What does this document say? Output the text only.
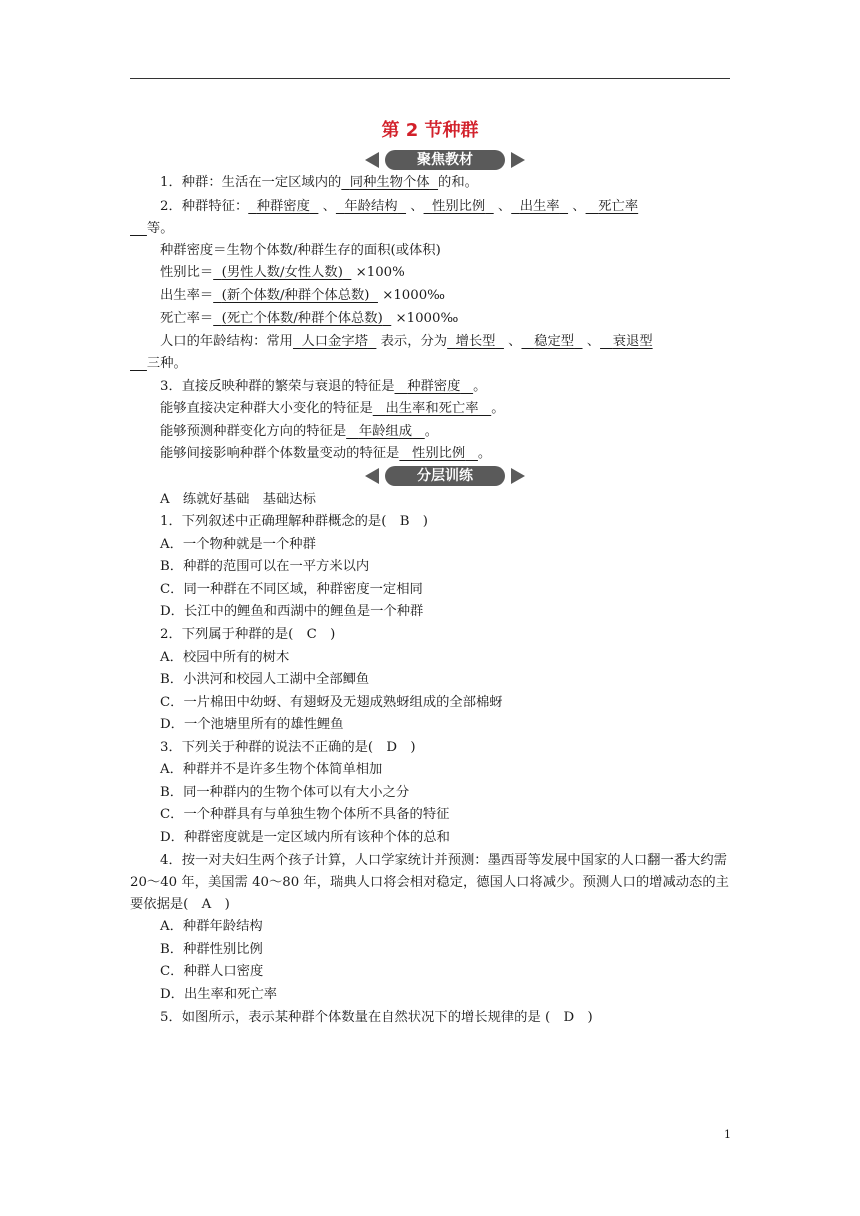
第 2 节种群
聚焦教材
1．种群：生活在一定区域内的 同种生物个体 的和。
2．种群特征： 种群密度   、 年龄结构   、 性别比例   、 出生率   、 死亡率
等。
种群密度＝生物个体数/种群生存的面积(或体积)
性别比＝ (男性人数/女性人数) ×100%
出生率＝ (新个体数/种群个体总数) ×1000‰
死亡率＝ (死亡个体数/种群个体总数) ×1000‰
人口的年龄结构：常用 人口金字塔 表示，分为 增长型   、 稳定型   、 衰退型
三种。
3．直接反映种群的繁荣与衰退的特征是 种群密度 。
能够直接决定种群大小变化的特征是 出生率和死亡率 。
能够预测种群变化方向的特征是 年龄组成 。
能够间接影响种群个体数量变动的特征是 性别比例 。
分层训练
A　练就好基础　基础达标
1．下列叙述中正确理解种群概念的是(　B　)
A．一个物种就是一个种群
B．种群的范围可以在一平方米以内
C．同一种群在不同区域，种群密度一定相同
D．长江中的鲤鱼和西湖中的鲤鱼是一个种群
2．下列属于种群的是(　C　)
A．校园中所有的树木
B．小洪河和校园人工湖中全部鲫鱼
C．一片棉田中幼蚜、有翅蚜及无翅成熟蚜组成的全部棉蚜
D．一个池塘里所有的雄性鲤鱼
3．下列关于种群的说法不正确的是(　D　)
A．种群并不是许多生物个体简单相加
B．同一种群内的生物个体可以有大小之分
C．一个种群具有与单独生物个体所不具备的特征
D．种群密度就是一定区域内所有该种个体的总和
4．按一对夫妇生两个孩子计算，人口学家统计并预测：墨西哥等发展中国家的人口翻一番大约需 20～40 年，美国需 40～80 年，瑞典人口将会相对稳定，德国人口将减少。预测人口的增减动态的主要依据是(　A　)
A．种群年龄结构
B．种群性别比例
C．种群人口密度
D．出生率和死亡率
5．如图所示，表示某种群个体数量在自然状况下的增长规律的是 (　D　)
1
